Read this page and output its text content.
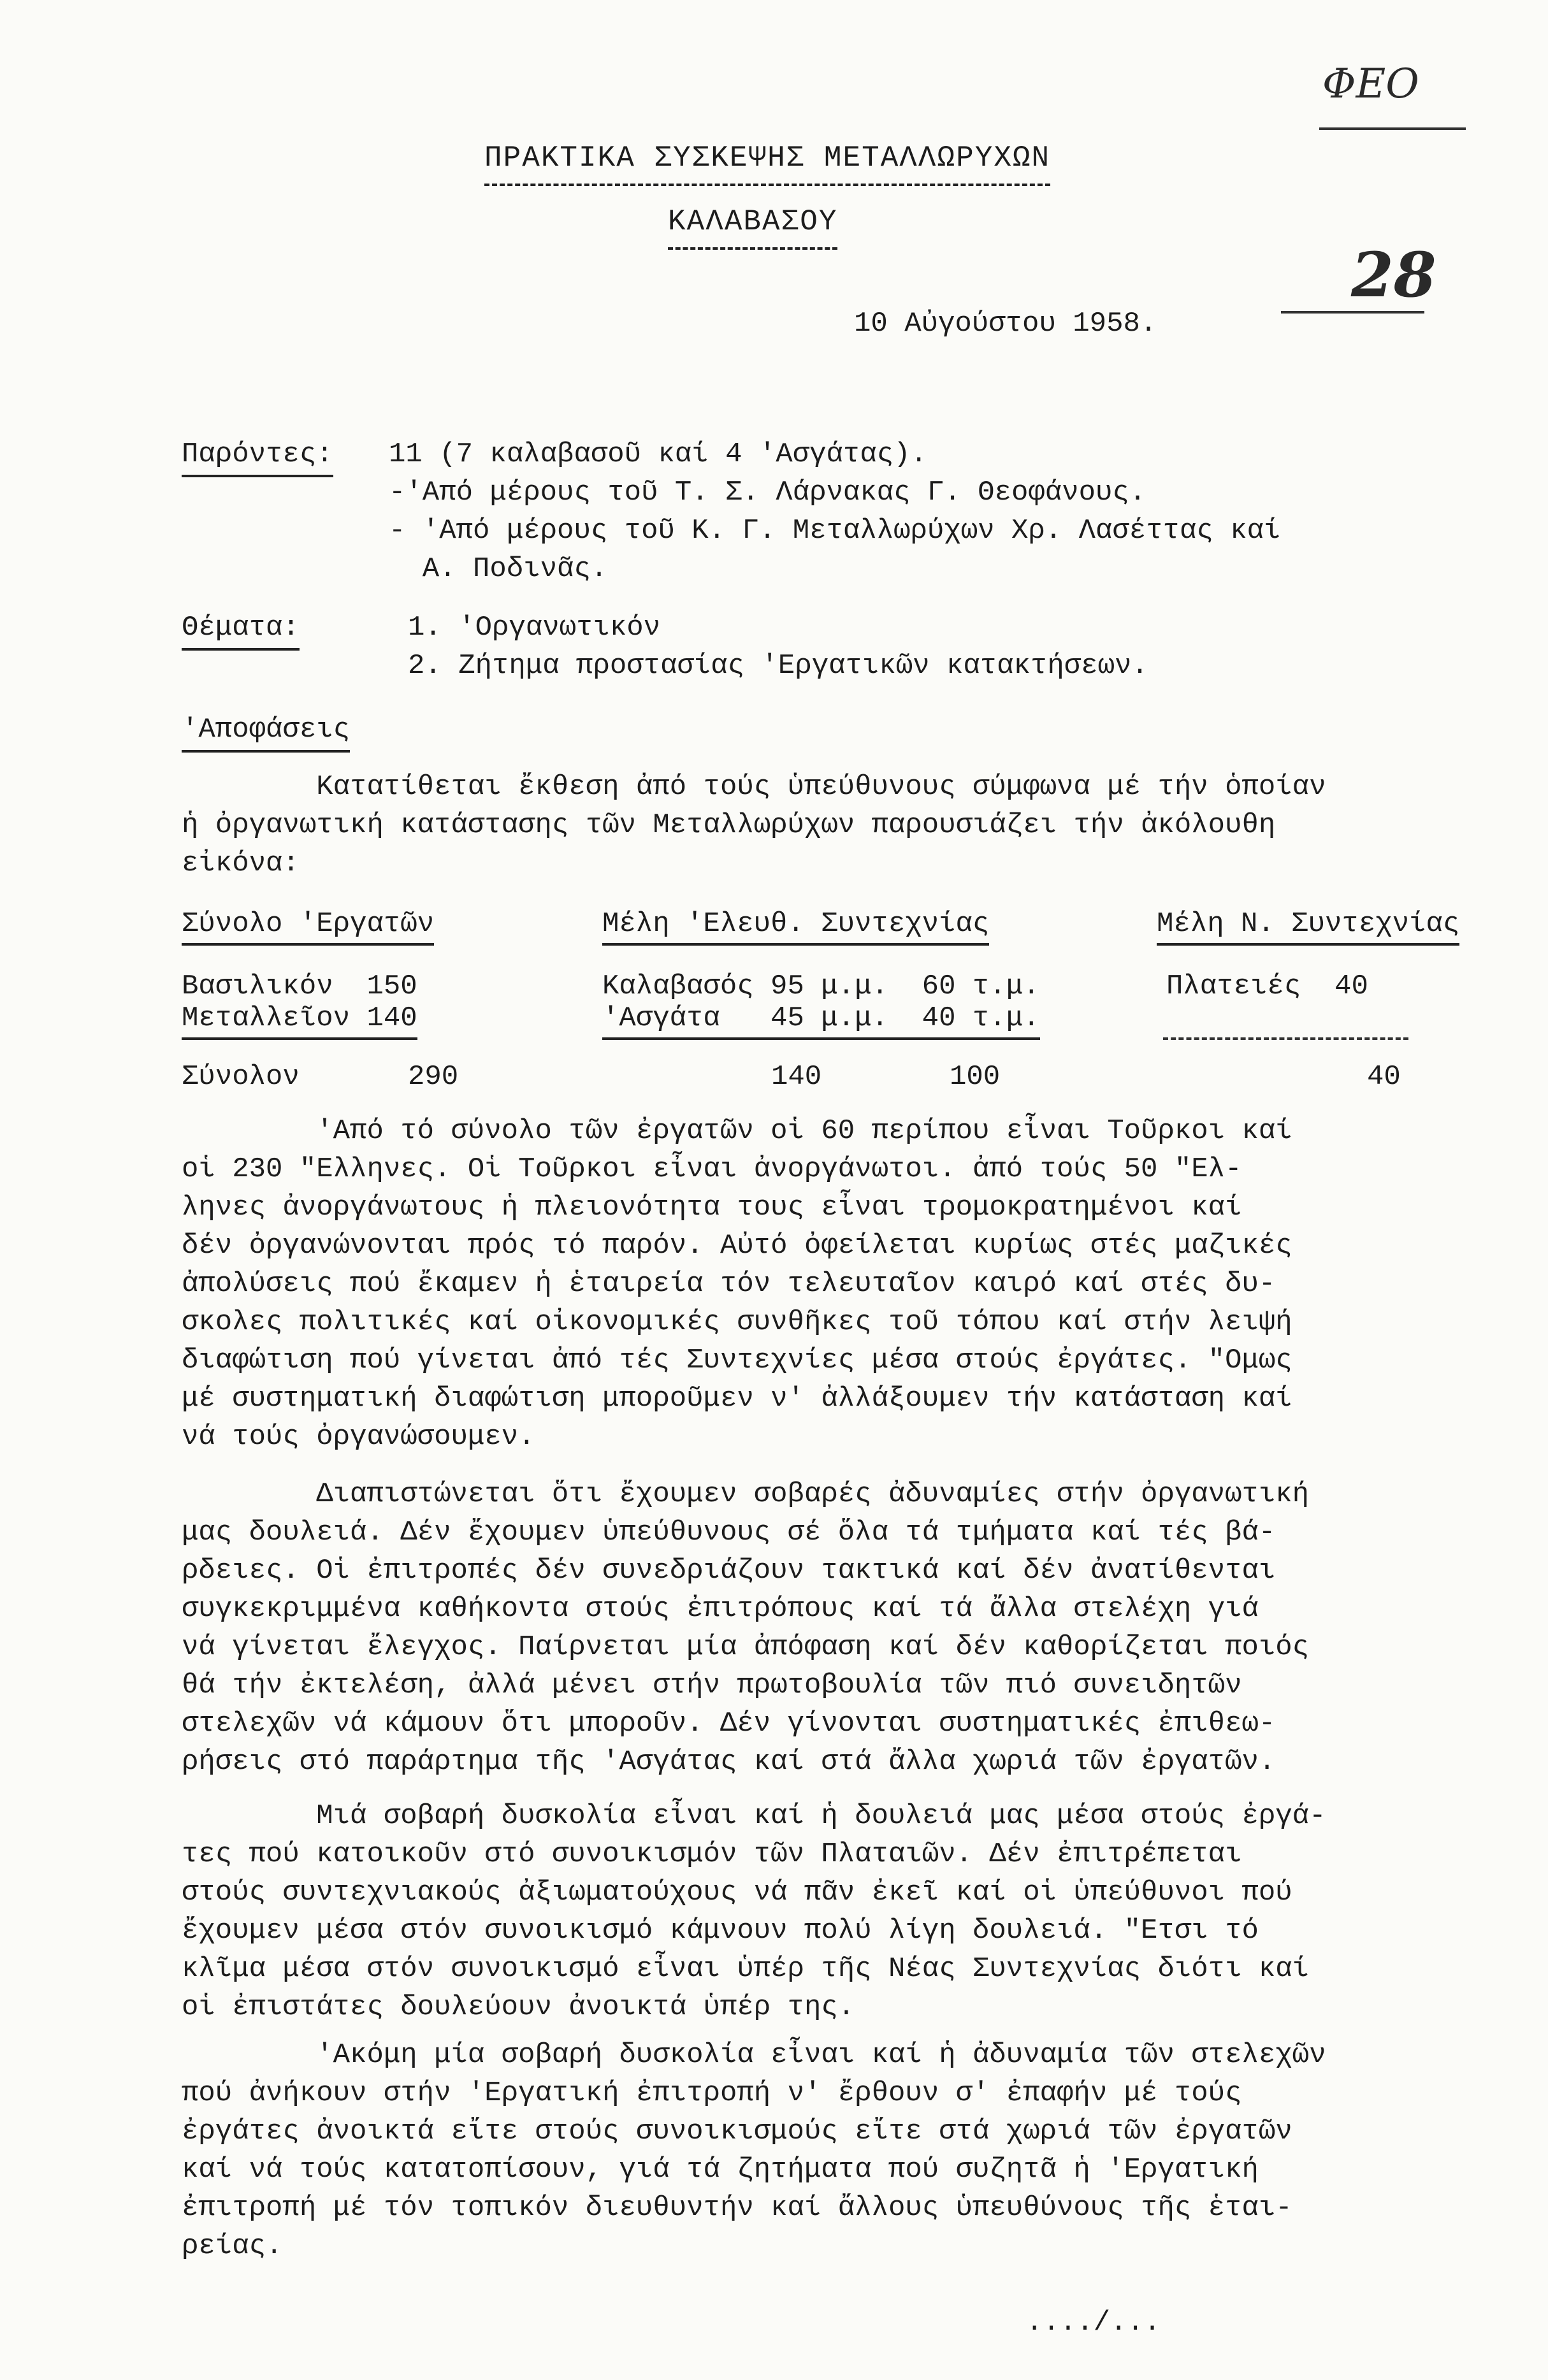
ΦΕΟ
28
ΠΡΑΚΤΙΚΑ ΣΥΣΚΕΨΗΣ ΜΕΤΑΛΛΩΡΥΧΩΝ
ΚΑΛΑΒΑΣΟΥ
10 Αὐγούστου 1958.
Παρόντες: 11 (7 καλαβασοῦ καί 4 'Ασγάτας).
-'Από μέρους τοῦ Τ. Σ. Λάρνακας Γ. Θεοφάνους.
- 'Από μέρους τοῦ Κ. Γ. Μεταλλωρύχων Χρ. Λασέττας καί
Α. Ποδινᾶς.
Θέματα:	1. 'Οργανωτικόν
2. Ζήτημα προστασίας 'Εργατικῶν κατακτήσεων.
'Αποφάσεις
Κατατίθεται ἔκθεση ἀπό τούς ὑπεύθυνους σύμφωνα μέ τήν ὁποίαν
ἡ ὀργανωτική κατάστασης τῶν Μεταλλωρύχων παρουσιάζει τήν ἀκόλουθη
εἰκόνα:
Σύνολο 'Εργατῶν	Μέλη 'Ελευθ. Συντεχνίας	Μέλη Ν. Συντεχνίας
Βασιλικόν  150	Καλαβασός 95 μ.μ.  60 τ.μ.	Πλατειές  40
Μεταλλεῖον 140	'Ασγάτα   45 μ.μ.  40 τ.μ.
Σύνολον	290	140	100	40
'Από τό σύνολο τῶν ἐργατῶν οἱ 60 περίπου εἶναι Τοῦρκοι καί
οἱ 230 "Ελληνες. Οἱ Τοῦρκοι εἶναι ἀνοργάνωτοι. ἀπό τούς 50 "Ελ-
ληνες ἀνοργάνωτους ἡ πλειονότητα τους εἶναι τρομοκρατημένοι καί
δέν ὀργανώνονται πρός τό παρόν. Αὐτό ὀφείλεται κυρίως στές μαζικές
ἀπολύσεις πού ἔκαμεν ἡ ἑταιρεία τόν τελευταῖον καιρό καί στές δυ-
σκολες πολιτικές καί οἰκονομικές συνθῆκες τοῦ τόπου καί στήν λειψή
διαφώτιση πού γίνεται ἀπό τές Συντεχνίες μέσα στούς ἐργάτες. "Ομως
μέ συστηματική διαφώτιση μποροῦμεν ν' ἀλλάξουμεν τήν κατάσταση καί
νά τούς ὀργανώσουμεν.
Διαπιστώνεται ὅτι ἔχουμεν σοβαρές ἀδυναμίες στήν ὀργανωτική
μας δουλειά. Δέν ἔχουμεν ὑπεύθυνους σέ ὅλα τά τμήματα καί τές βά-
ρδειες. Οἱ ἐπιτροπές δέν συνεδριάζουν τακτικά καί δέν ἀνατίθενται
συγκεκριμμένα καθήκοντα στούς ἐπιτρόπους καί τά ἄλλα στελέχη γιά
νά γίνεται ἔλεγχος. Παίρνεται μία ἀπόφαση καί δέν καθορίζεται ποιός
θά τήν ἐκτελέση, ἀλλά μένει στήν πρωτοβουλία τῶν πιό συνειδητῶν
στελεχῶν νά κάμουν ὅτι μποροῦν. Δέν γίνονται συστηματικές ἐπιθεω-
ρήσεις στό παράρτημα τῆς 'Ασγάτας καί στά ἄλλα χωριά τῶν ἐργατῶν.
Μιά σοβαρή δυσκολία εἶναι καί ἡ δουλειά μας μέσα στούς ἐργά-
τες πού κατοικοῦν στό συνοικισμόν τῶν Πλαταιῶν. Δέν ἐπιτρέπεται
στούς συντεχνιακούς ἀξιωματούχους νά πᾶν ἐκεῖ καί οἱ ὑπεύθυνοι πού
ἔχουμεν μέσα στόν συνοικισμό κάμνουν πολύ λίγη δουλειά. "Ετσι τό
κλῖμα μέσα στόν συνοικισμό εἶναι ὑπέρ τῆς Νέας Συντεχνίας διότι καί
οἱ ἐπιστάτες δουλεύουν ἀνοικτά ὑπέρ της.
'Ακόμη μία σοβαρή δυσκολία εἶναι καί ἡ ἀδυναμία τῶν στελεχῶν
πού ἀνήκουν στήν 'Εργατική ἐπιτροπή ν' ἔρθουν σ' ἐπαφήν μέ τούς
ἐργάτες ἀνοικτά εἴτε στούς συνοικισμούς εἴτε στά χωριά τῶν ἐργατῶν
καί νά τούς κατατοπίσουν, γιά τά ζητήματα πού συζητᾶ ἡ 'Εργατική
ἐπιτροπή μέ τόν τοπικόν διευθυντήν καί ἄλλους ὑπευθύνους τῆς ἑται-
ρείας.
..../...
